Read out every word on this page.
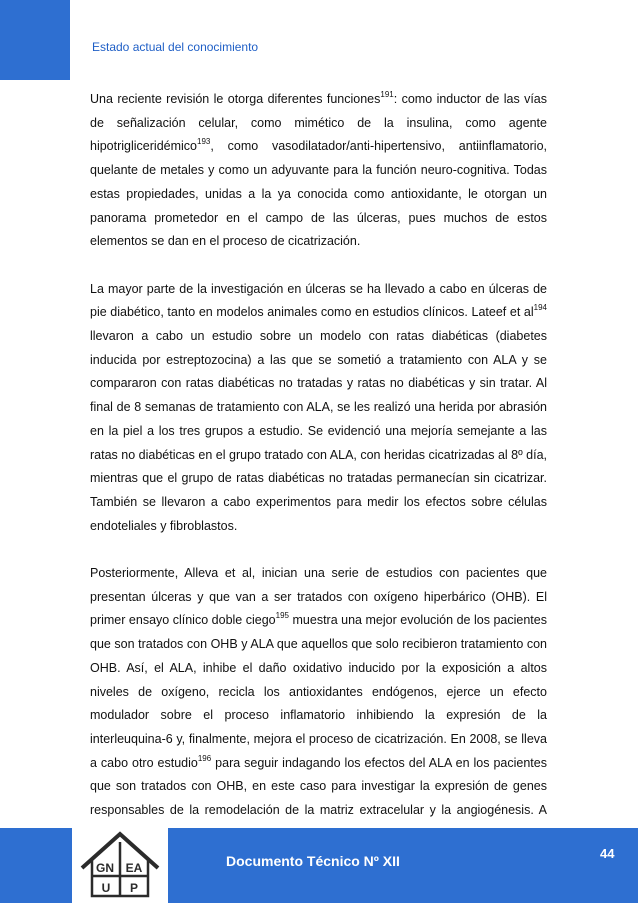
Estado actual del conocimiento

Una reciente revisión le otorga diferentes funciones$^{191}$: como inductor de las vías de señalización celular, como mimético de la insulina, como agente hipotrigliceridémico$^{193}$, como vasodilatador/anti-hipertensivo, antiinflamatorio, quelante de metales y como un adyuvante para la función neuro-cognitiva. Todas estas propiedades, unidas a la ya conocida como antioxidante, le otorgan un panorama prometedor en el campo de las úlceras, pues muchos de estos elementos se dan en el proceso de cicatrización.

La mayor parte de la investigación en úlceras se ha llevado a cabo en úlceras de pie diabético, tanto en modelos animales como en estudios clínicos. Lateef et $al^{194}$ llevaron a cabo un estudio sobre un modelo con ratas diabéticas (diabetes inducida por estreptozocina) a las que se sometió a tratamiento con ALA y se compararon con ratas diabéticas no tratadas y ratas no diabéticas y sin tratar. Al final de 8 semanas de tratamiento con ALA, se les realizó una herida por abrasión en la piel a los tres grupos a estudio. Se evidenció una mejoría semejante a las ratas no diabéticas en el grupo tratado con ALA, con heridas cicatrizadas al 8º día, mientras que el grupo de ratas diabéticas no tratadas permanecían sin cicatrizar. También se llevaron a cabo experimentos para medir los efectos sobre células endoteliales y fibroblastos.

Posteriormente, Alleva et al, inician una serie de estudios con pacientes que presentan úlceras y que van a ser tratados con oxígeno hiperbárico (OHB). El primer ensayo clínico doble ciego$^{195}$ muestra una mejor evolución de los pacientes que son tratados con OHB y ALA que aquellos que solo recibieron tratamiento con OHB. Así, el ALA, inhibe el daño oxidativo inducido por la exposición a altos niveles de oxígeno, recicla los antioxidantes endógenos, ejerce un efecto modulador sobre el proceso inflamatorio inhibiendo la expresión de la interleuquina-6 y, finalmente, mejora el proceso de cicatrización. En 2008, se lleva a cabo otro estudio$^{196}$ para seguir indagando los efectos del ALA en los pacientes que son tratados con OHB, en este caso para investigar la expresión de genes responsables de la remodelación de la matriz extracelular y la angiogénesis. A

GN EA
U P
Documento Técnico Nº XII	44
